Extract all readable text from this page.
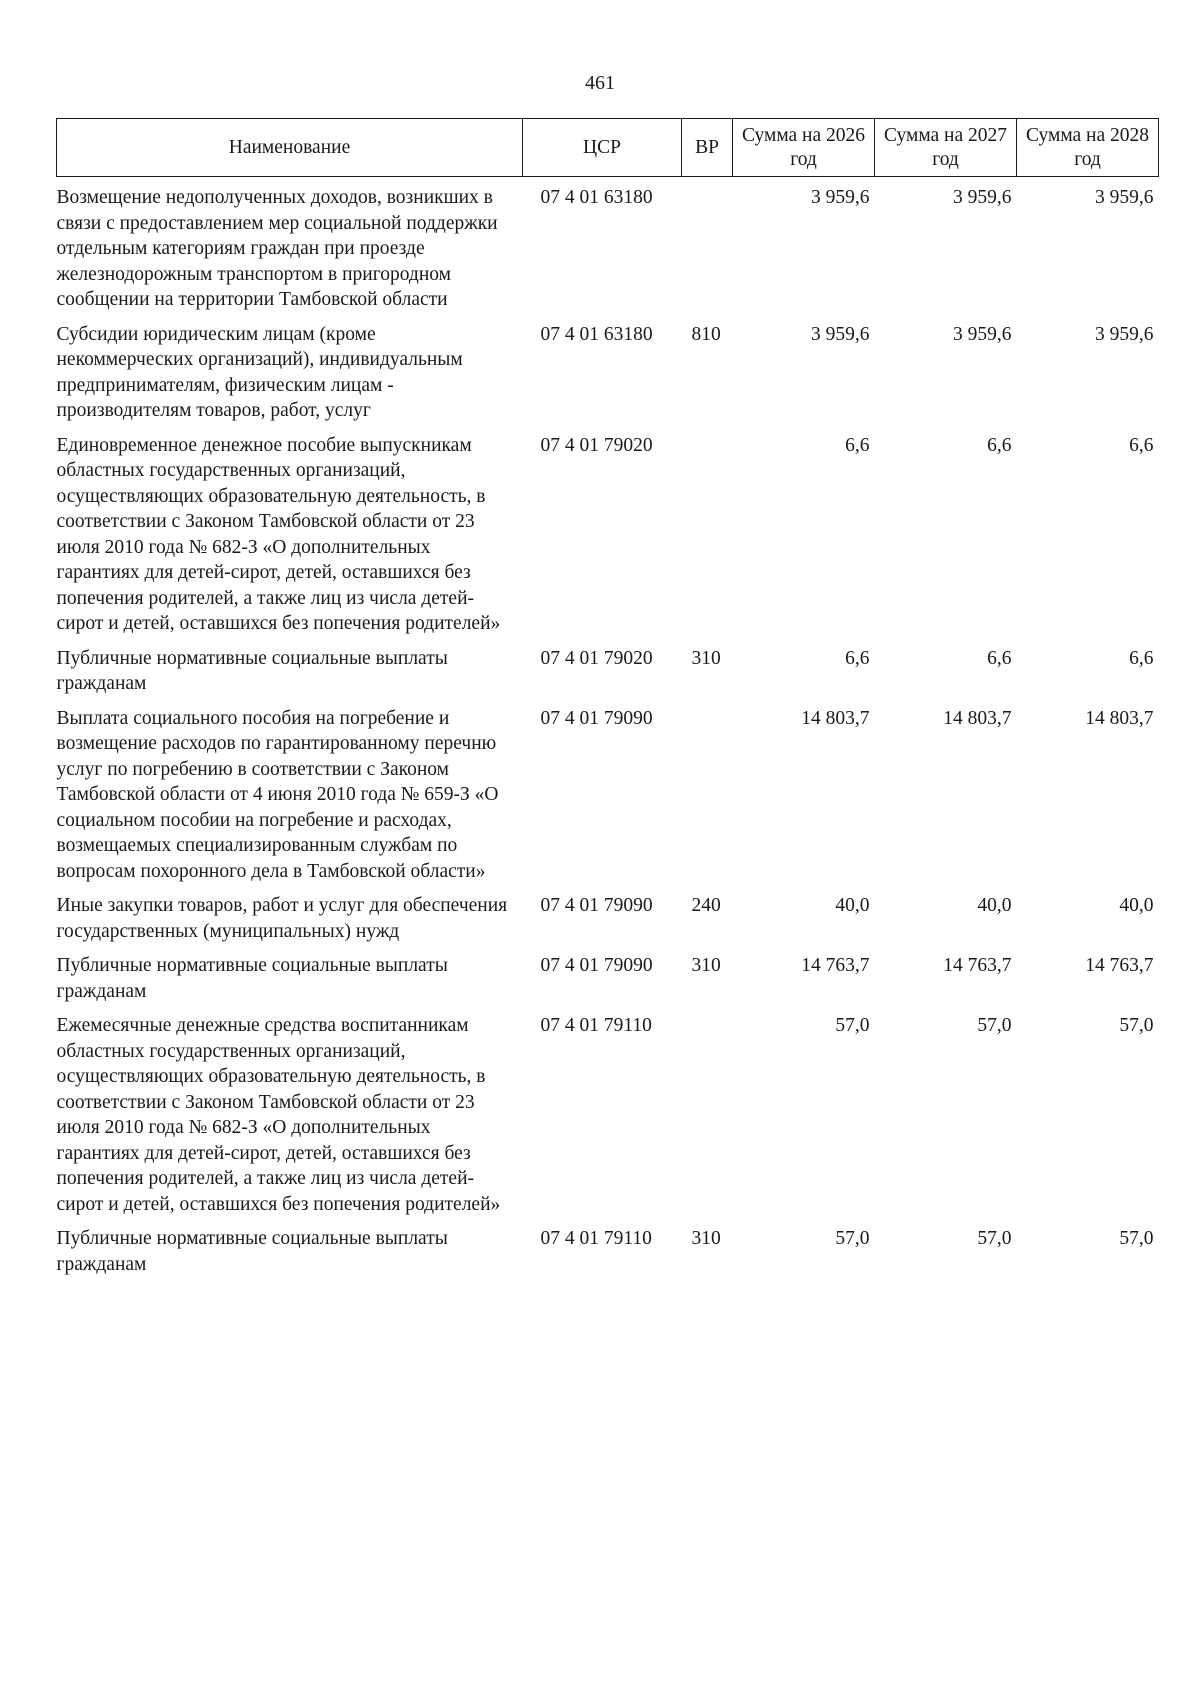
461
Наименование	ЦСР	ВР	Сумма на 2026 год	Сумма на 2027 год	Сумма на 2028 год
Возмещение недополученных доходов, возникших в связи с предоставлением мер социальной поддержки отдельным категориям граждан при проезде железнодорожным транспортом в пригородном сообщении на территории Тамбовской области	07 4 01 63180		3 959,6	3 959,6	3 959,6
Субсидии юридическим лицам (кроме некоммерческих организаций), индивидуальным предпринимателям, физическим лицам - производителям товаров, работ, услуг	07 4 01 63180	810	3 959,6	3 959,6	3 959,6
Единовременное денежное пособие выпускникам областных государственных организаций, осуществляющих образовательную деятельность, в соответствии с Законом Тамбовской области от 23 июля 2010 года № 682-З «О дополнительных гарантиях для детей-сирот, детей, оставшихся без попечения родителей, а также лиц из числа детей-сирот и детей, оставшихся без попечения родителей»	07 4 01 79020		6,6	6,6	6,6
Публичные нормативные социальные выплаты гражданам	07 4 01 79020	310	6,6	6,6	6,6
Выплата социального пособия на погребение и возмещение расходов по гарантированному перечню услуг по погребению в соответствии с Законом Тамбовской области от 4 июня 2010 года № 659-З «О социальном пособии на погребение и расходах, возмещаемых специализированным службам по вопросам похоронного дела в Тамбовской области»	07 4 01 79090		14 803,7	14 803,7	14 803,7
Иные закупки товаров, работ и услуг для обеспечения государственных (муниципальных) нужд	07 4 01 79090	240	40,0	40,0	40,0
Публичные нормативные социальные выплаты гражданам	07 4 01 79090	310	14 763,7	14 763,7	14 763,7
Ежемесячные денежные средства воспитанникам областных государственных организаций, осуществляющих образовательную деятельность, в соответствии с Законом Тамбовской области от 23 июля 2010 года № 682-З «О дополнительных гарантиях для детей-сирот, детей, оставшихся без попечения родителей, а также лиц из числа детей-сирот и детей, оставшихся без попечения родителей»	07 4 01 79110		57,0	57,0	57,0
Публичные нормативные социальные выплаты гражданам	07 4 01 79110	310	57,0	57,0	57,0
